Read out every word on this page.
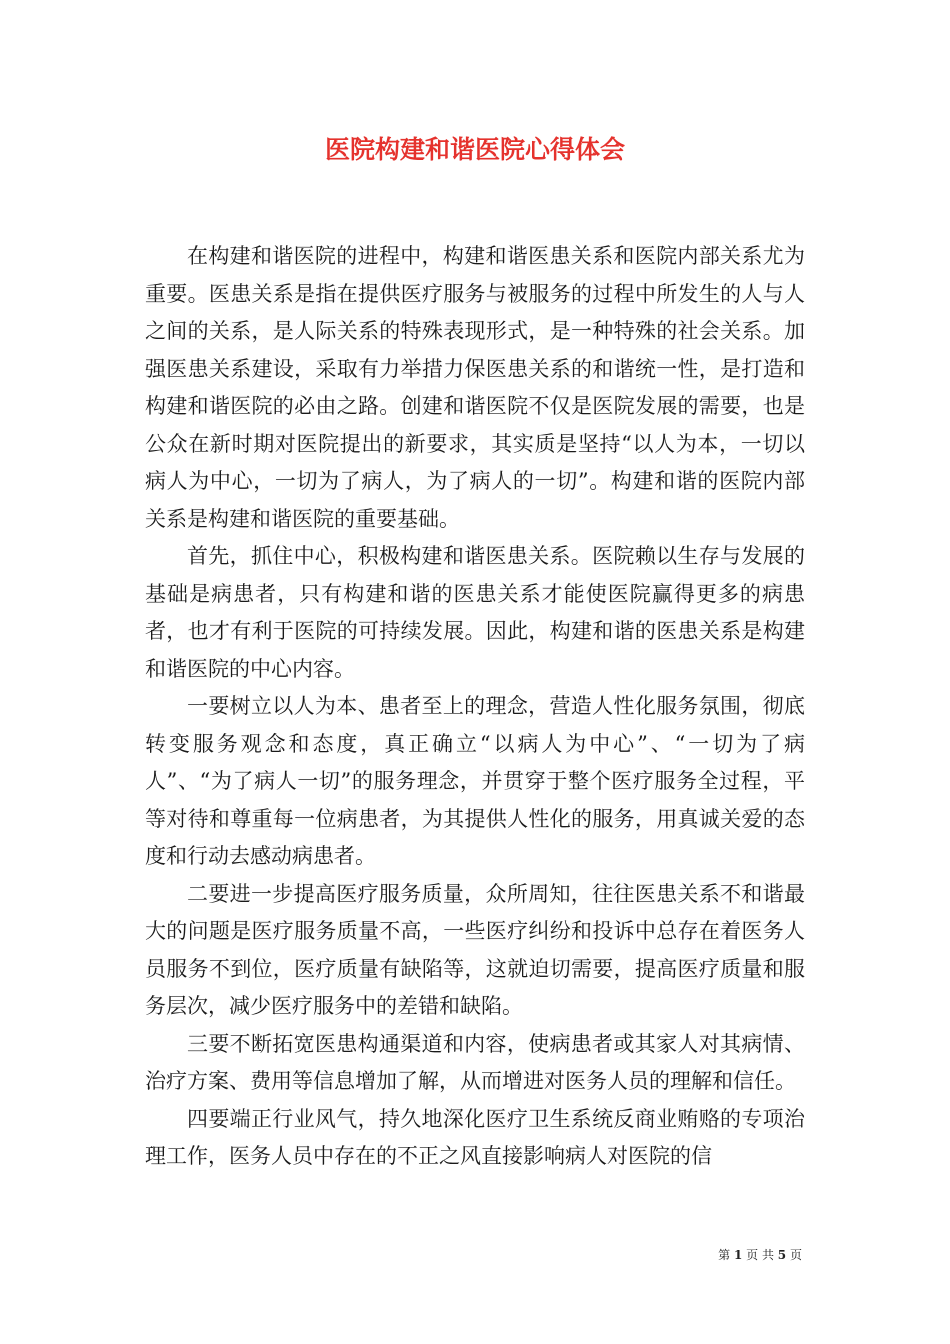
医院构建和谐医院心得体会

在构建和谐医院的进程中，构建和谐医患关系和医院内部关系尤为重要。医患关系是指在提供医疗服务与被服务的过程中所发生的人与人之间的关系，是人际关系的特殊表现形式，是一种特殊的社会关系。加强医患关系建设，采取有力举措力保医患关系的和谐统一性，是打造和构建和谐医院的必由之路。创建和谐医院不仅是医院发展的需要，也是公众在新时期对医院提出的新要求，其实质是坚持“以人为本，一切以病人为中心，一切为了病人，为了病人的一切”。构建和谐的医院内部关系是构建和谐医院的重要基础。

首先，抓住中心，积极构建和谐医患关系。医院赖以生存与发展的基础是病患者，只有构建和谐的医患关系才能使医院赢得更多的病患者，也才有利于医院的可持续发展。因此，构建和谐的医患关系是构建和谐医院的中心内容。

一要树立以人为本、患者至上的理念，营造人性化服务氛围，彻底转变服务观念和态度，真正确立“以病人为中心”、“一切为了病人”、“为了病人一切”的服务理念，并贯穿于整个医疗服务全过程，平等对待和尊重每一位病患者，为其提供人性化的服务，用真诚关爱的态度和行动去感动病患者。

二要进一步提高医疗服务质量，众所周知，往往医患关系不和谐最大的问题是医疗服务质量不高，一些医疗纠纷和投诉中总存在着医务人员服务不到位，医疗质量有缺陷等，这就迫切需要，提高医疗质量和服务层次，减少医疗服务中的差错和缺陷。

三要不断拓宽医患构通渠道和内容，使病患者或其家人对其病情、治疗方案、费用等信息增加了解，从而增进对医务人员的理解和信任。

四要端正行业风气，持久地深化医疗卫生系统反商业贿赂的专项治理工作，医务人员中存在的不正之风直接影响病人对医院的信

第 1 页 共 5 页
